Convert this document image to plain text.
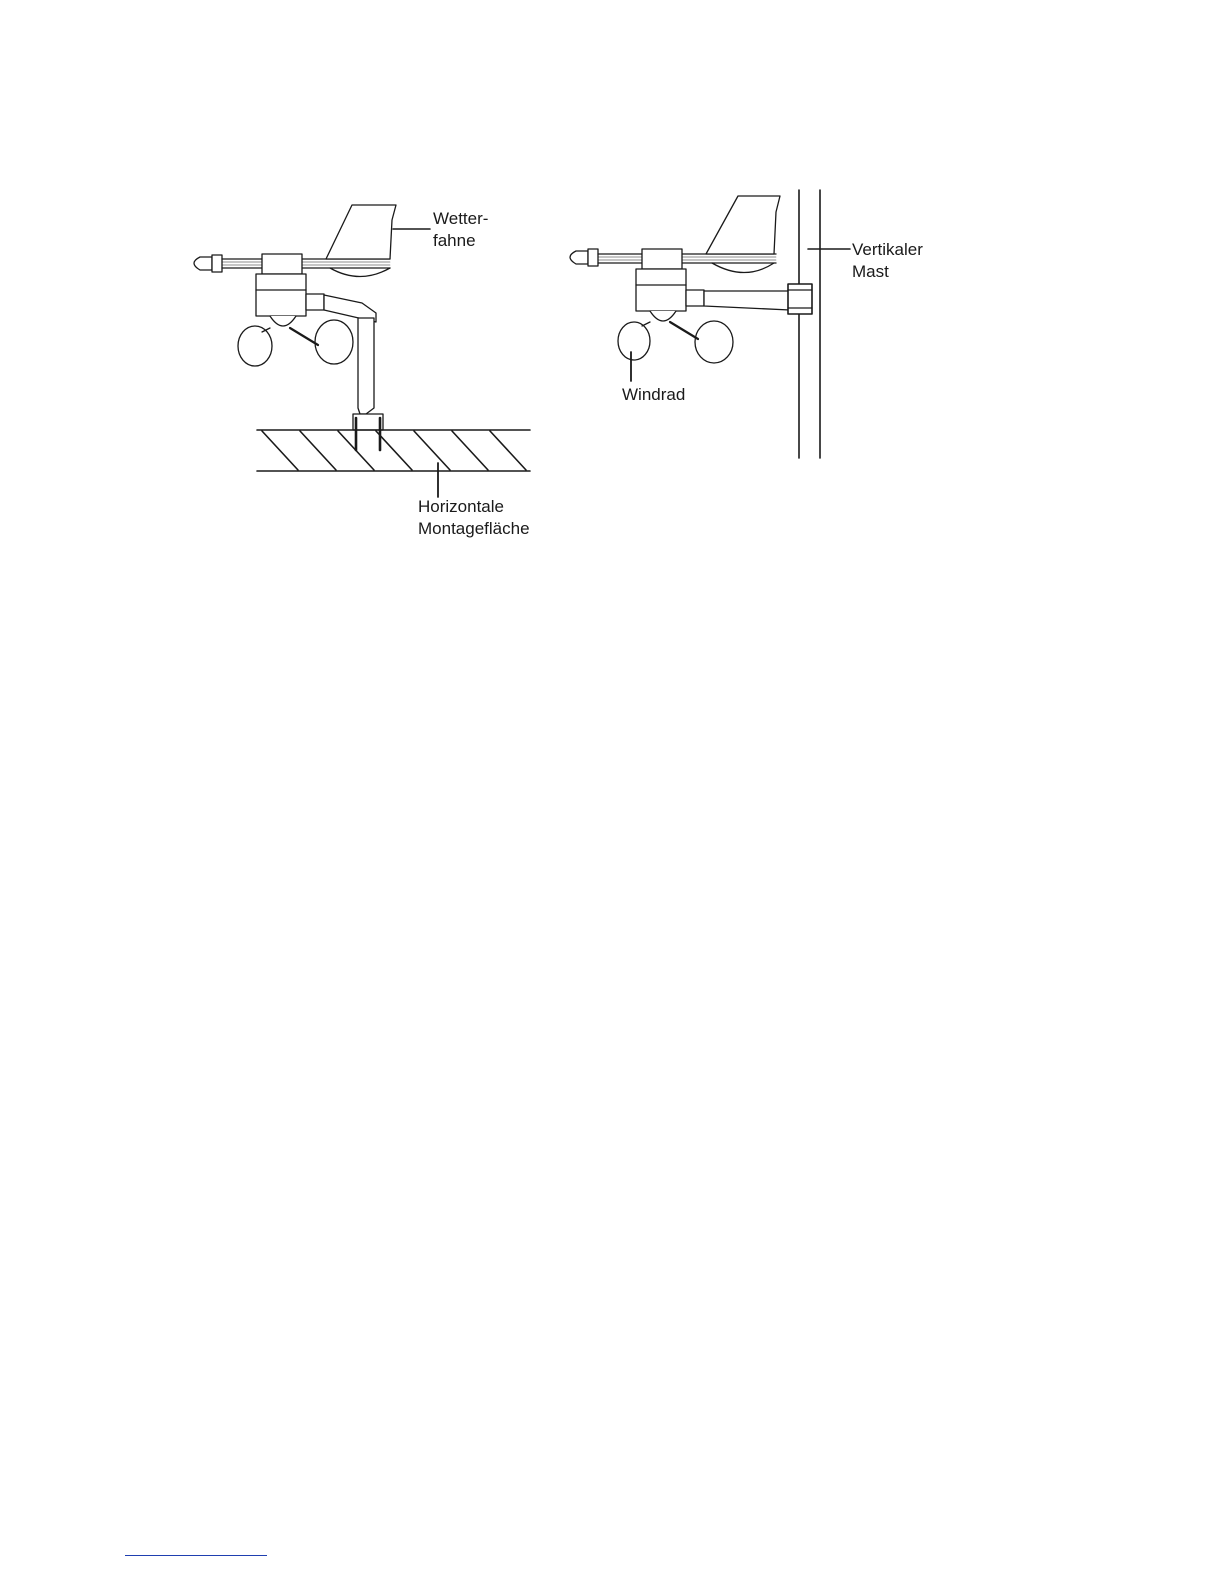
Wetter-
fahne	Vertikaler
Mast
Windrad
Horizontale
Montagefläche
